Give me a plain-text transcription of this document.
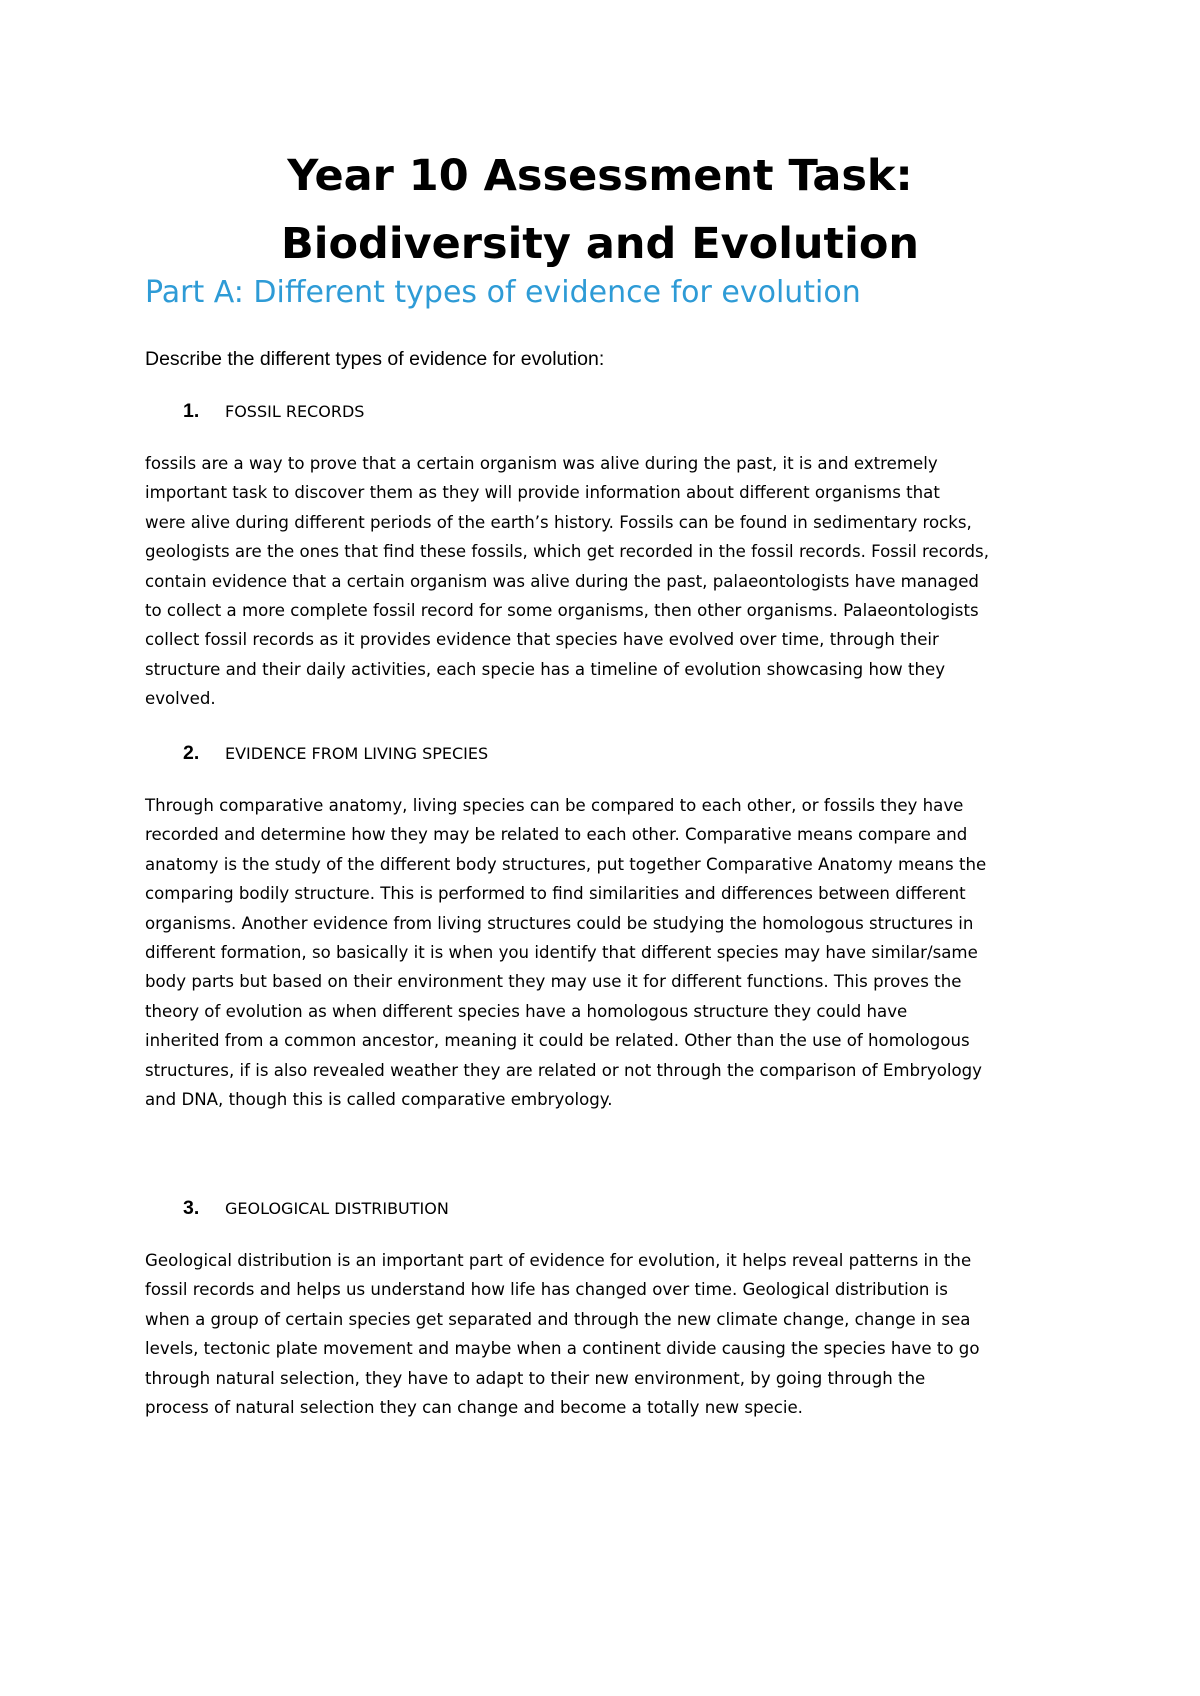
Year 10 Assessment Task:
Biodiversity and Evolution
Part A: Different types of evidence for evolution

Describe the different types of evidence for evolution:

1. FOSSIL RECORDS
fossils are a way to prove that a certain organism was alive during the past, it is and extremely
important task to discover them as they will provide information about different organisms that
were alive during different periods of the earth’s history. Fossils can be found in sedimentary rocks,
geologists are the ones that find these fossils, which get recorded in the fossil records. Fossil records,
contain evidence that a certain organism was alive during the past, palaeontologists have managed
to collect a more complete fossil record for some organisms, then other organisms. Palaeontologists
collect fossil records as it provides evidence that species have evolved over time, through their
structure and their daily activities, each specie has a timeline of evolution showcasing how they
evolved.
2. EVIDENCE FROM LIVING SPECIES
Through comparative anatomy, living species can be compared to each other, or fossils they have
recorded and determine how they may be related to each other. Comparative means compare and
anatomy is the study of the different body structures, put together Comparative Anatomy means the
comparing bodily structure. This is performed to find similarities and differences between different
organisms. Another evidence from living structures could be studying the homologous structures in
different formation, so basically it is when you identify that different species may have similar/same
body parts but based on their environment they may use it for different functions. This proves the
theory of evolution as when different species have a homologous structure they could have
inherited from a common ancestor, meaning it could be related. Other than the use of homologous
structures, if is also revealed weather they are related or not through the comparison of Embryology
and DNA, though this is called comparative embryology.
3. GEOLOGICAL DISTRIBUTION
Geological distribution is an important part of evidence for evolution, it helps reveal patterns in the
fossil records and helps us understand how life has changed over time. Geological distribution is
when a group of certain species get separated and through the new climate change, change in sea
levels, tectonic plate movement and maybe when a continent divide causing the species have to go
through natural selection, they have to adapt to their new environment, by going through the
process of natural selection they can change and become a totally new specie.
